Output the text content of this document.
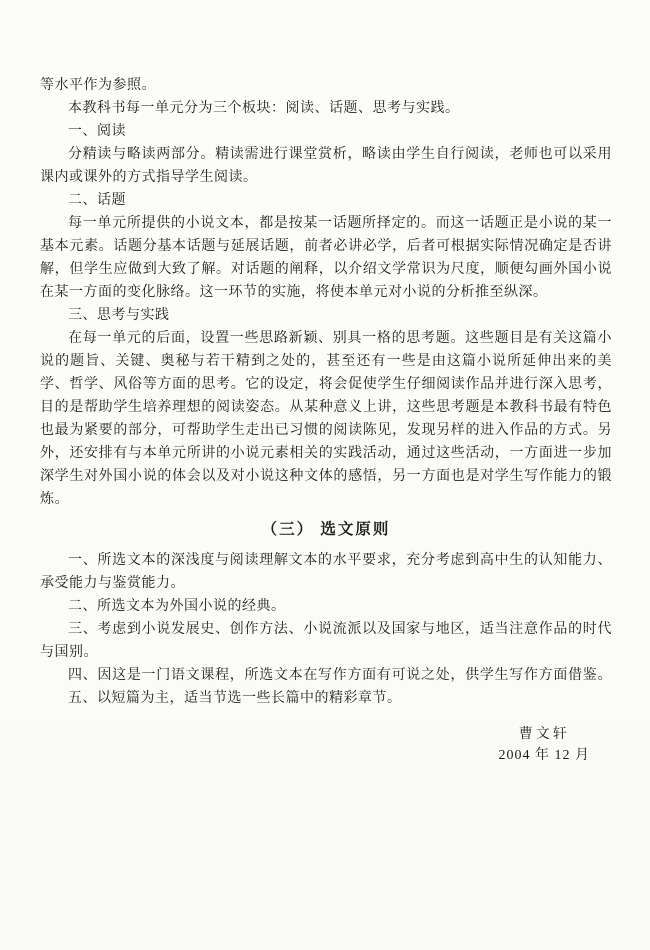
等水平作为参照。
本教科书每一单元分为三个板块：阅读、话题、思考与实践。
一、阅读
分精读与略读两部分。精读需进行课堂赏析，略读由学生自行阅读，老师也可以采用
课内或课外的方式指导学生阅读。
二、话题
每一单元所提供的小说文本，都是按某一话题所择定的。而这一话题正是小说的某一
基本元素。话题分基本话题与延展话题，前者必讲必学，后者可根据实际情况确定是否讲
解，但学生应做到大致了解。对话题的阐释，以介绍文学常识为尺度，顺便勾画外国小说
在某一方面的变化脉络。这一环节的实施，将使本单元对小说的分析推至纵深。
三、思考与实践
在每一单元的后面，设置一些思路新颖、别具一格的思考题。这些题目是有关这篇小
说的题旨、关键、奥秘与若干精到之处的，甚至还有一些是由这篇小说所延伸出来的美
学、哲学、风俗等方面的思考。它的设定，将会促使学生仔细阅读作品并进行深入思考，
目的是帮助学生培养理想的阅读姿态。从某种意义上讲，这些思考题是本教科书最有特色
也最为紧要的部分，可帮助学生走出已习惯的阅读陈见，发现另样的进入作品的方式。另
外，还安排有与本单元所讲的小说元素相关的实践活动，通过这些活动，一方面进一步加
深学生对外国小说的体会以及对小说这种文体的感悟，另一方面也是对学生写作能力的锻
炼。
（三） 选文原则
一、所选文本的深浅度与阅读理解文本的水平要求，充分考虑到高中生的认知能力、
承受能力与鉴赏能力。
二、所选文本为外国小说的经典。
三、考虑到小说发展史、创作方法、小说流派以及国家与地区，适当注意作品的时代
与国别。
四、因这是一门语文课程，所选文本在写作方面有可说之处，供学生写作方面借鉴。
五、以短篇为主，适当节选一些长篇中的精彩章节。
曹文轩
2004 年 12 月
